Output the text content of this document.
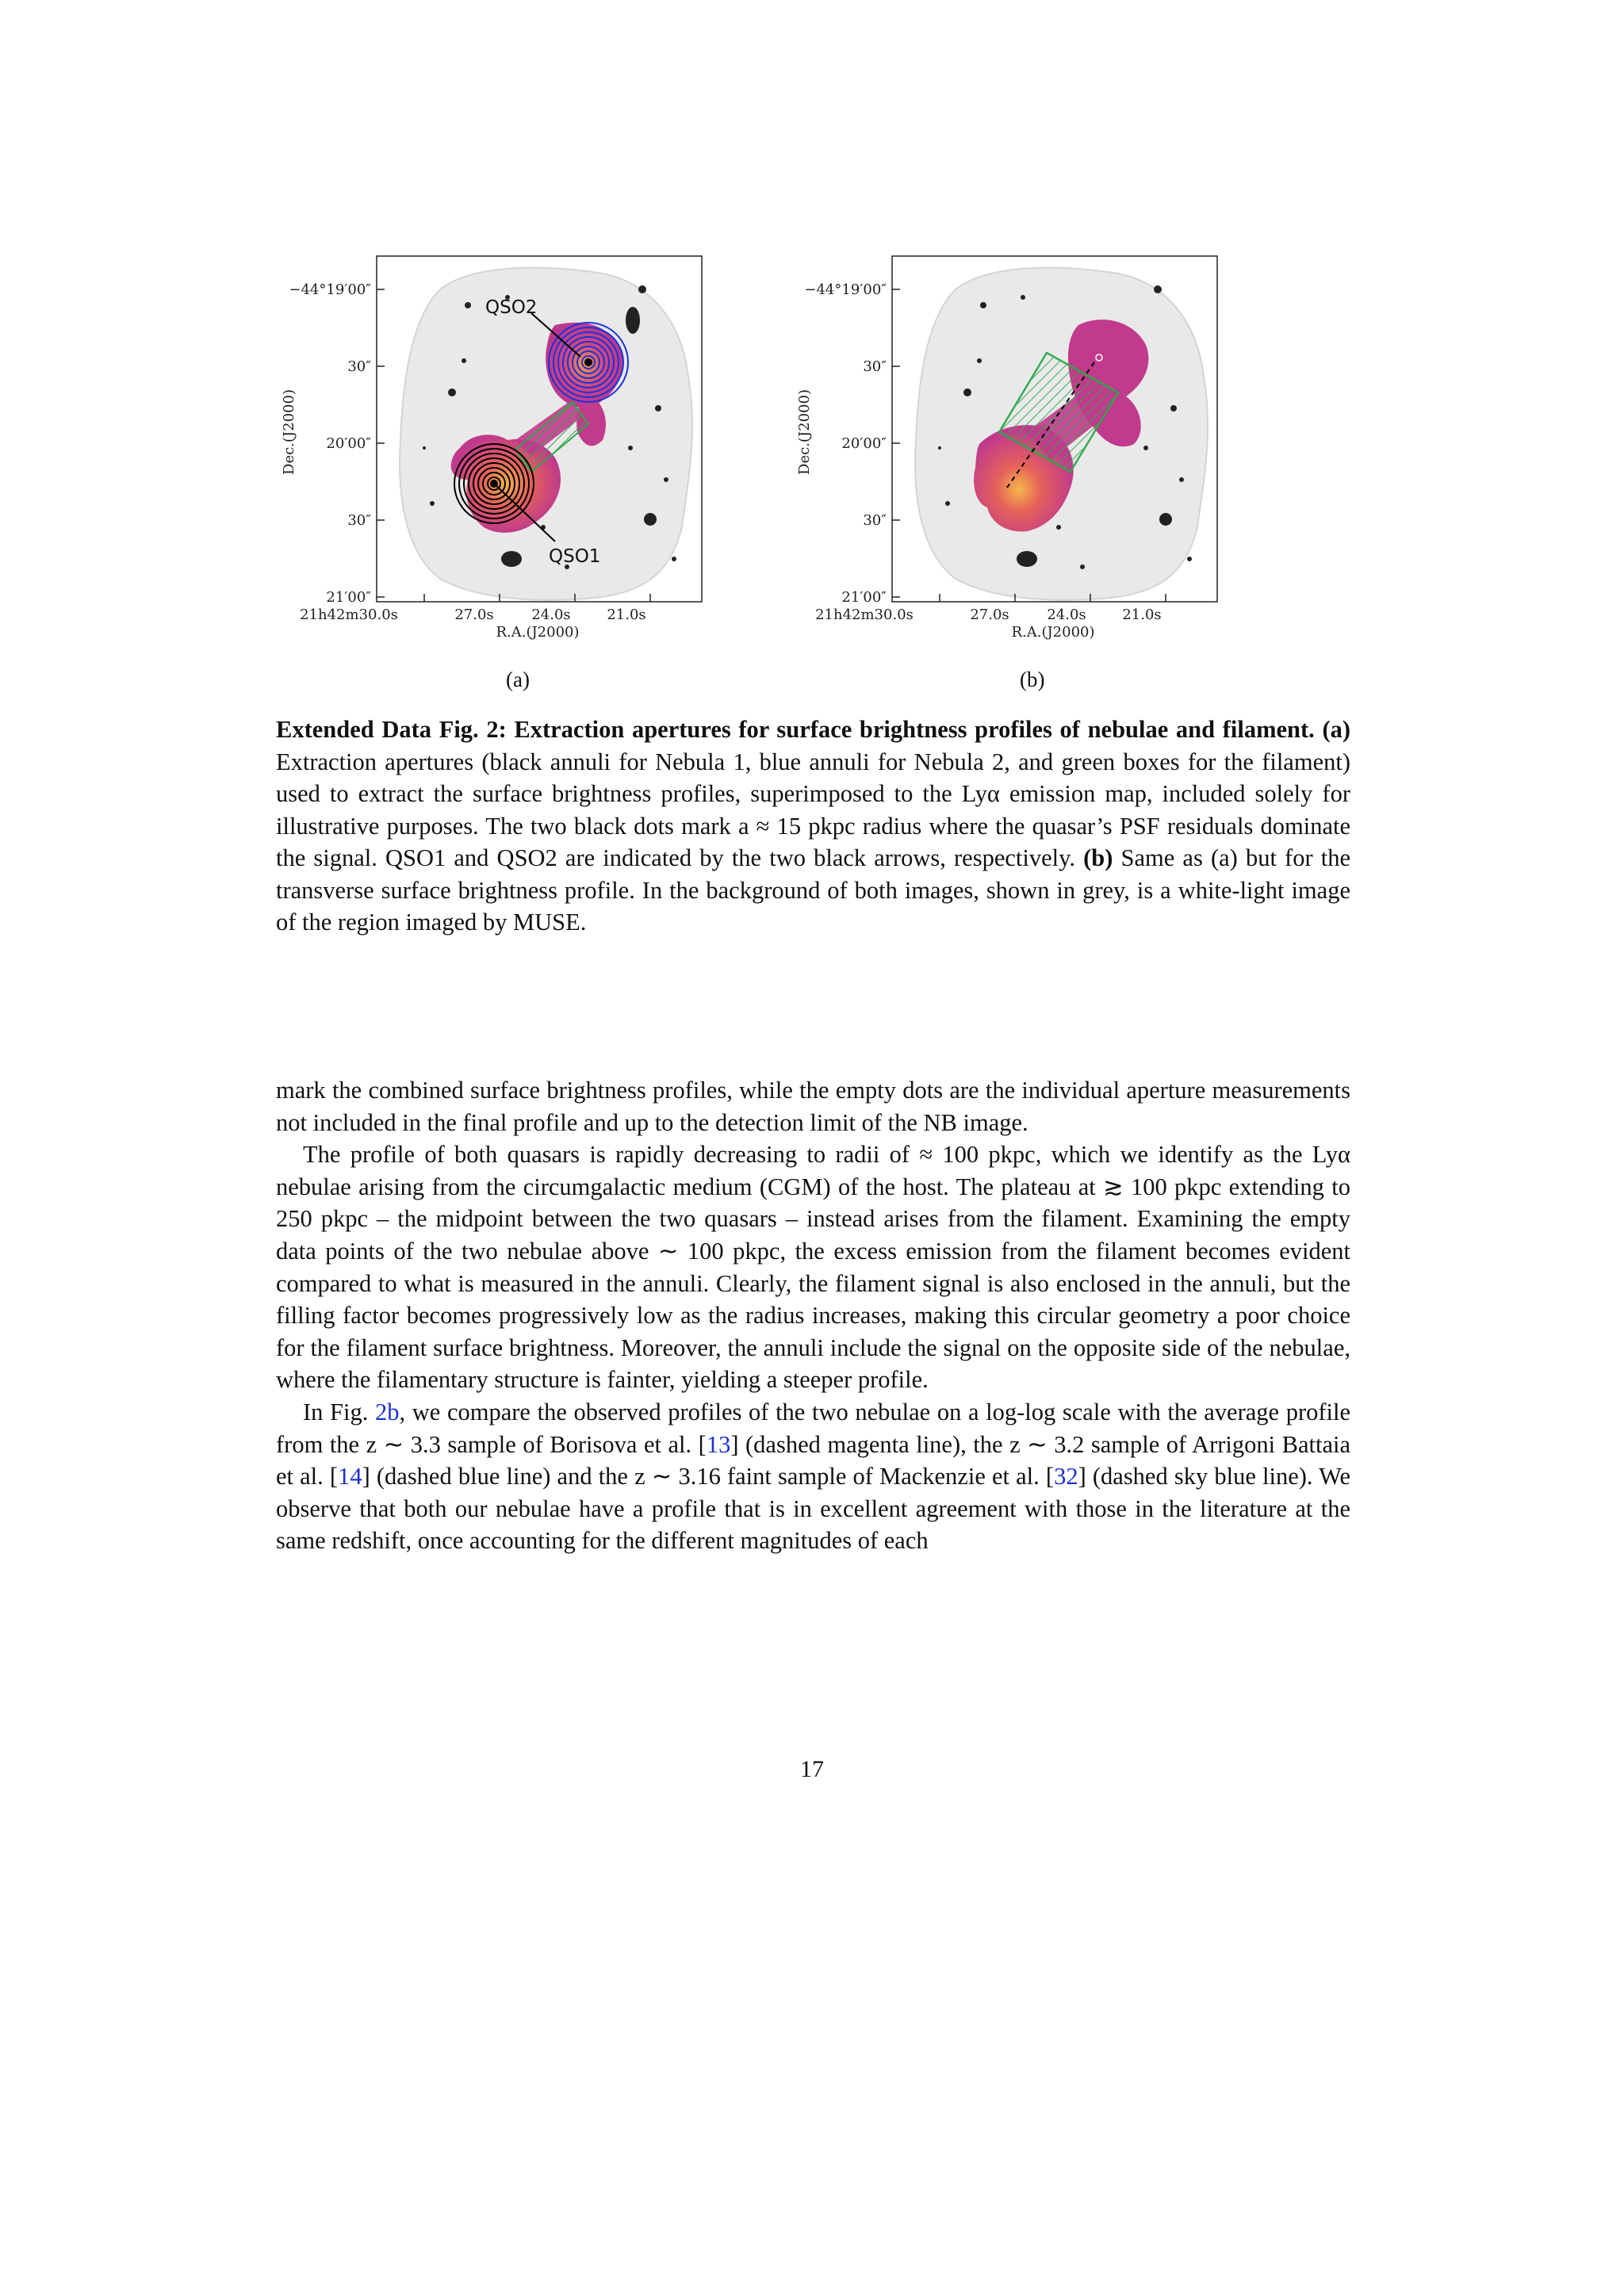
QSO2
QSO1
−44°19′00″
30″
20′00″
30″
21′00″
21h42m30.0s	27.0s	24.0s	21.0s
R.A.(J2000)
Dec.(J2000)
−44°19′00″
30″
20′00″
30″
21′00″
21h42m30.0s	27.0s	24.0s	21.0s
R.A.(J2000)
Dec.(J2000)
(a)	(b)
Extended Data Fig. 2: Extraction apertures for surface brightness profiles of nebulae and filament. (a) Extraction apertures (black annuli for Nebula 1, blue annuli for Nebula 2, and green boxes for the filament) used to extract the surface brightness profiles, superimposed to the Lyα emission map, included solely for illustrative purposes. The two black dots mark a ≈ 15 pkpc radius where the quasar’s PSF residuals dominate the signal. QSO1 and QSO2 are indicated by the two black arrows, respectively. (b) Same as (a) but for the transverse surface brightness profile. In the background of both images, shown in grey, is a white-light image of the region imaged by MUSE.

mark the combined surface brightness profiles, while the empty dots are the individual aperture measurements not included in the final profile and up to the detection limit of the NB image.

The profile of both quasars is rapidly decreasing to radii of ≈ 100 pkpc, which we identify as the Lyα nebulae arising from the circumgalactic medium (CGM) of the host. The plateau at ≳ 100 pkpc extending to 250 pkpc – the midpoint between the two quasars – instead arises from the filament. Examining the empty data points of the two nebulae above ∼ 100 pkpc, the excess emission from the filament becomes evident compared to what is measured in the annuli. Clearly, the filament signal is also enclosed in the annuli, but the filling factor becomes progressively low as the radius increases, making this circular geometry a poor choice for the filament surface brightness. Moreover, the annuli include the signal on the opposite side of the nebulae, where the filamentary structure is fainter, yielding a steeper profile.

In Fig. 2b, we compare the observed profiles of the two nebulae on a log-log scale with the average profile from the z ∼ 3.3 sample of Borisova et al. [13] (dashed magenta line), the z ∼ 3.2 sample of Arrigoni Battaia et al. [14] (dashed blue line) and the z ∼ 3.16 faint sample of Mackenzie et al. [32] (dashed sky blue line). We observe that both our nebulae have a profile that is in excellent agreement with those in the literature at the same redshift, once accounting for the different magnitudes of each

17
